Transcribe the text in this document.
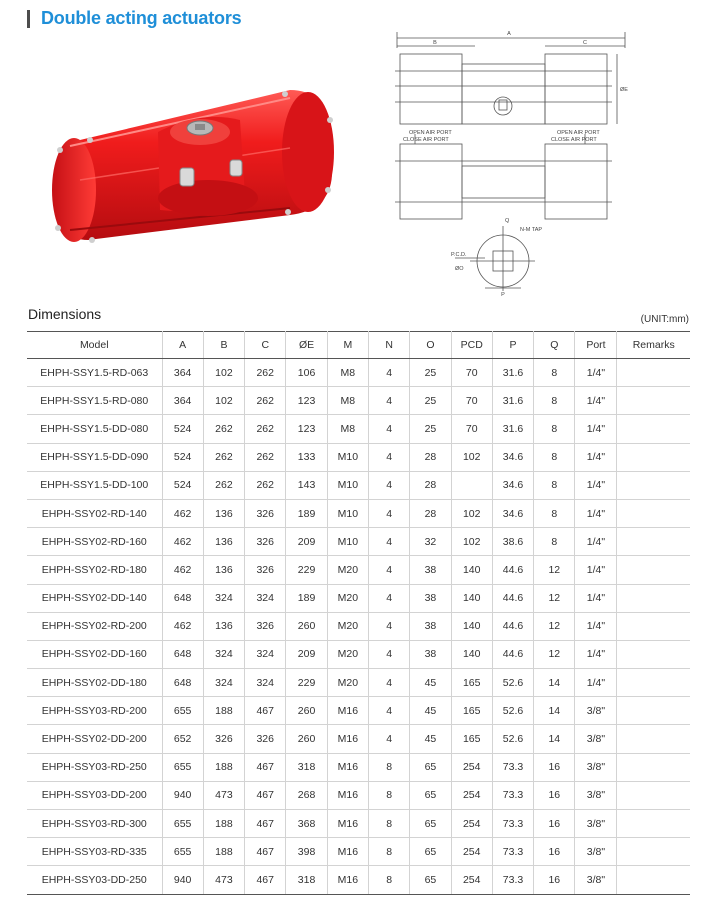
Double acting actuators
A
B	C
ØE
OPEN AIR PORT
CLOSE AIR PORT
OPEN AIR PORT
CLOSE AIR PORT
Q
N-M TAP
P.C.D.
ØO
P
Dimensions	(UNIT:mm)
Model	A	B	C	ØE	M	N	O	PCD	P	Q	Port	Remarks
EHPH-SSY1.5-RD-063	364	102	262	106	M8	4	25	70	31.6	8	1/4"	
EHPH-SSY1.5-RD-080	364	102	262	123	M8	4	25	70	31.6	8	1/4"	
EHPH-SSY1.5-DD-080	524	262	262	123	M8	4	25	70	31.6	8	1/4"	
EHPH-SSY1.5-DD-090	524	262	262	133	M10	4	28	102	34.6	8	1/4"	
EHPH-SSY1.5-DD-100	524	262	262	143	M10	4	28		34.6	8	1/4"	
EHPH-SSY02-RD-140	462	136	326	189	M10	4	28	102	34.6	8	1/4"	
EHPH-SSY02-RD-160	462	136	326	209	M10	4	32	102	38.6	8	1/4"	
EHPH-SSY02-RD-180	462	136	326	229	M20	4	38	140	44.6	12	1/4"	
EHPH-SSY02-DD-140	648	324	324	189	M20	4	38	140	44.6	12	1/4"	
EHPH-SSY02-RD-200	462	136	326	260	M20	4	38	140	44.6	12	1/4"	
EHPH-SSY02-DD-160	648	324	324	209	M20	4	38	140	44.6	12	1/4"	
EHPH-SSY02-DD-180	648	324	324	229	M20	4	45	165	52.6	14	1/4"	
EHPH-SSY03-RD-200	655	188	467	260	M16	4	45	165	52.6	14	3/8"	
EHPH-SSY02-DD-200	652	326	326	260	M16	4	45	165	52.6	14	3/8"	
EHPH-SSY03-RD-250	655	188	467	318	M16	8	65	254	73.3	16	3/8"	
EHPH-SSY03-DD-200	940	473	467	268	M16	8	65	254	73.3	16	3/8"	
EHPH-SSY03-RD-300	655	188	467	368	M16	8	65	254	73.3	16	3/8"	
EHPH-SSY03-RD-335	655	188	467	398	M16	8	65	254	73.3	16	3/8"	
EHPH-SSY03-DD-250	940	473	467	318	M16	8	65	254	73.3	16	3/8"	
